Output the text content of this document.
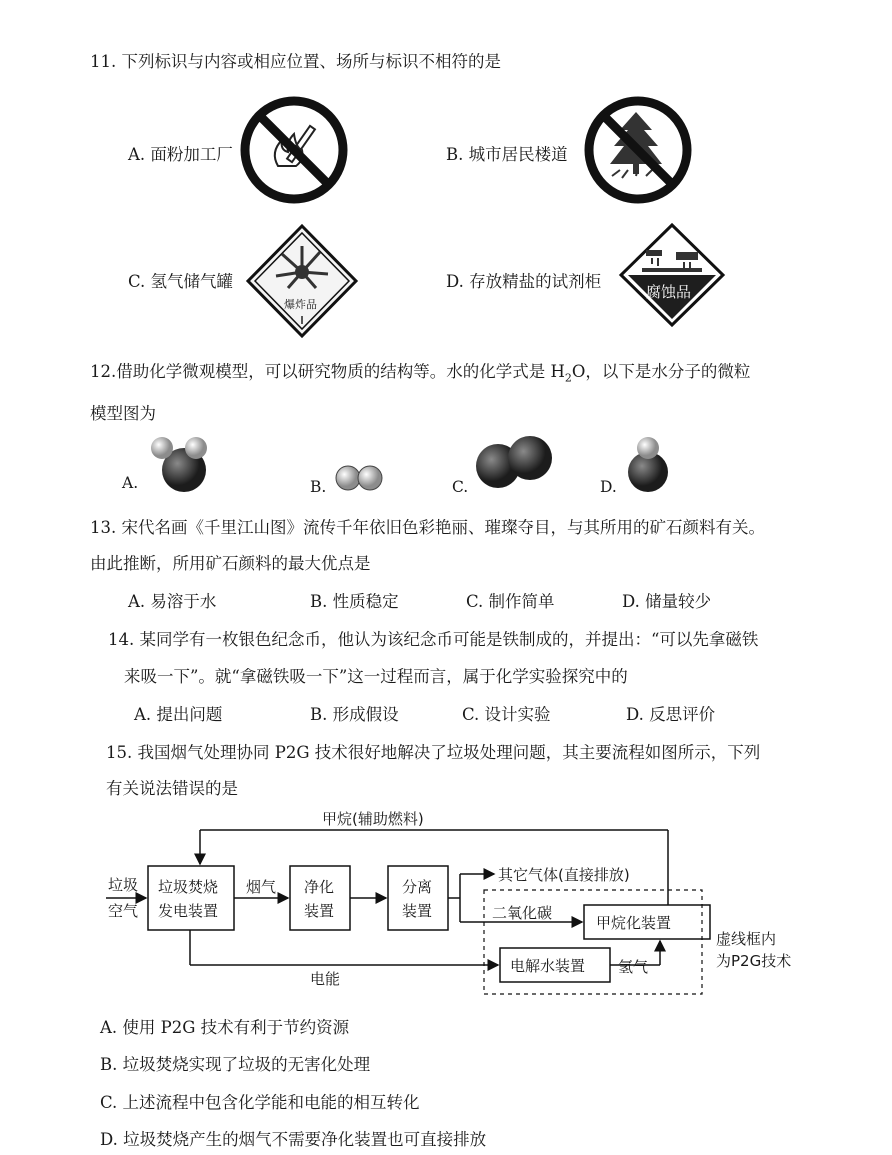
11. 下列标识与内容或相应位置、场所与标识不相符的是
A. 面粉加工厂	B. 城市居民楼道
C. 氢气储气罐
爆炸品
D. 存放精盐的试剂柜
腐蚀品
12.借助化学微观模型，可以研究物质的结构等。水的化学式是 $H_2O$，以下是水分子的微粒
模型图为
A.	B.	C.	D.
13. 宋代名画《千里江山图》流传千年依旧色彩艳丽、璀璨夺目，与其所用的矿石颜料有关。
由此推断，所用矿石颜料的最大优点是
A. 易溶于水	B. 性质稳定	C. 制作简单	D. 储量较少
14. 某同学有一枚银色纪念币，他认为该纪念币可能是铁制成的，并提出：“可以先拿磁铁
来吸一下”。就“拿磁铁吸一下”这一过程而言，属于化学实验探究中的
A. 提出问题	B. 形成假设	C. 设计实验	D. 反思评价
15. 我国烟气处理协同 P2G 技术很好地解决了垃圾处理问题，其主要流程如图所示，下列
有关说法错误的是
甲烷(辅助燃料)
垃圾
空气
垃圾焚烧
发电装置
烟气 净化
装置
分离
装置
其它气体(直接排放)
二氧化碳
甲烷化装置
电解水装置 氢气
电能
虚线框内
为P2G技术
A. 使用 P2G 技术有利于节约资源
B. 垃圾焚烧实现了垃圾的无害化处理
C. 上述流程中包含化学能和电能的相互转化
D. 垃圾焚烧产生的烟气不需要净化装置也可直接排放
